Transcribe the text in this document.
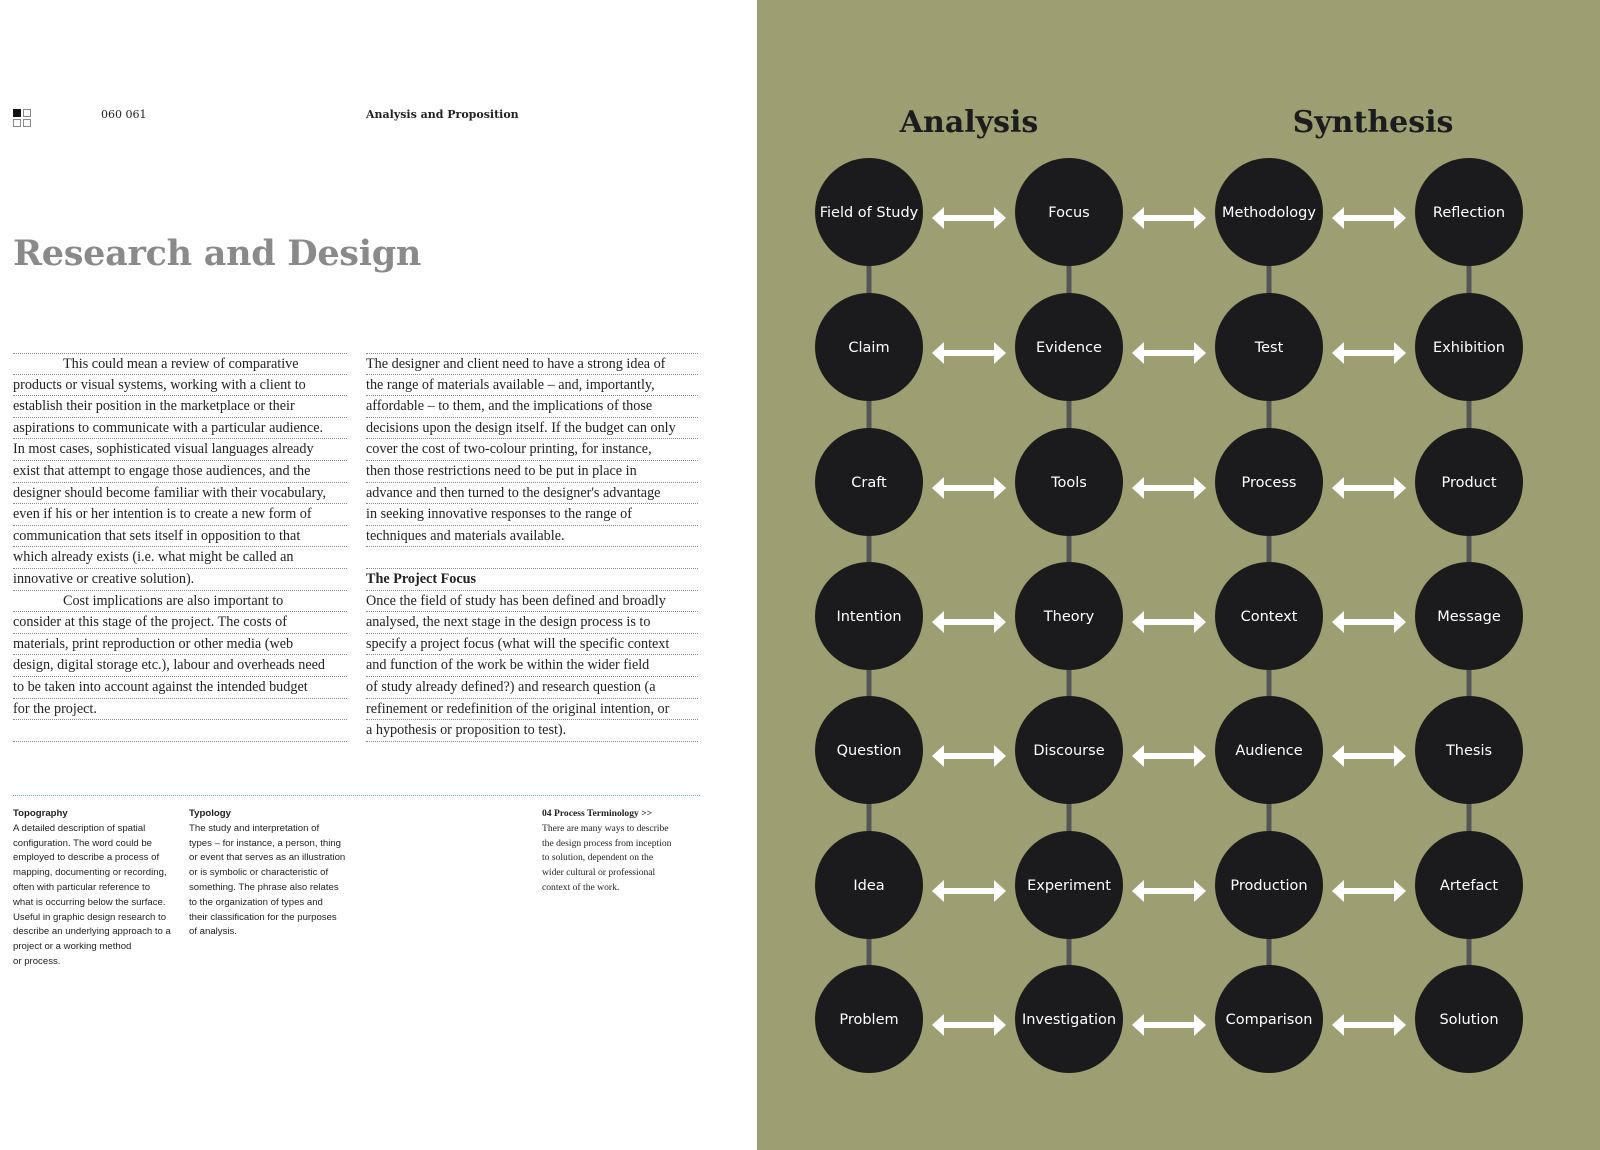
060 061	Analysis and Proposition
Research and Design
This could mean a review of comparative
products or visual systems, working with a client to
establish their position in the marketplace or their
aspirations to communicate with a particular audience.
In most cases, sophisticated visual languages already
exist that attempt to engage those audiences, and the
designer should become familiar with their vocabulary,
even if his or her intention is to create a new form of
communication that sets itself in opposition to that
which already exists (i.e. what might be called an
innovative or creative solution).
Cost implications are also important to
consider at this stage of the project. The costs of
materials, print reproduction or other media (web
design, digital storage etc.), labour and overheads need
to be taken into account against the intended budget
for the project.

The designer and client need to have a strong idea of
the range of materials available – and, importantly,
affordable – to them, and the implications of those
decisions upon the design itself. If the budget can only
cover the cost of two-colour printing, for instance,
then those restrictions need to be put in place in
advance and then turned to the designer's advantage
in seeking innovative responses to the range of
techniques and materials available.

The Project Focus
Once the field of study has been defined and broadly
analysed, the next stage in the design process is to
specify a project focus (what will the specific context
and function of the work be within the wider field
of study already defined?) and research question (a
refinement or redefinition of the original intention, or
a hypothesis or proposition to test).
Topography
A detailed description of spatial
configuration. The word could be
employed to describe a process of
mapping, documenting or recording,
often with particular reference to
what is occurring below the surface.
Useful in graphic design research to
describe an underlying approach to a
project or a working method
or process.
Typology
The study and interpretation of
types – for instance, a person, thing
or event that serves as an illustration
or is symbolic or characteristic of
something. The phrase also relates
to the organization of types and
their classification for the purposes
of analysis.
04 Process Terminology >>
There are many ways to describe
the design process from inception
to solution, dependent on the
wider cultural or professional
context of the work.
Analysis	Synthesis
Field of Study	Focus	Methodology	Reflection
Claim	Evidence	Test	Exhibition
Craft	Tools	Process	Product
Intention	Theory	Context	Message
Question	Discourse	Audience	Thesis
Idea	Experiment	Production	Artefact
Problem	Investigation	Comparison	Solution
